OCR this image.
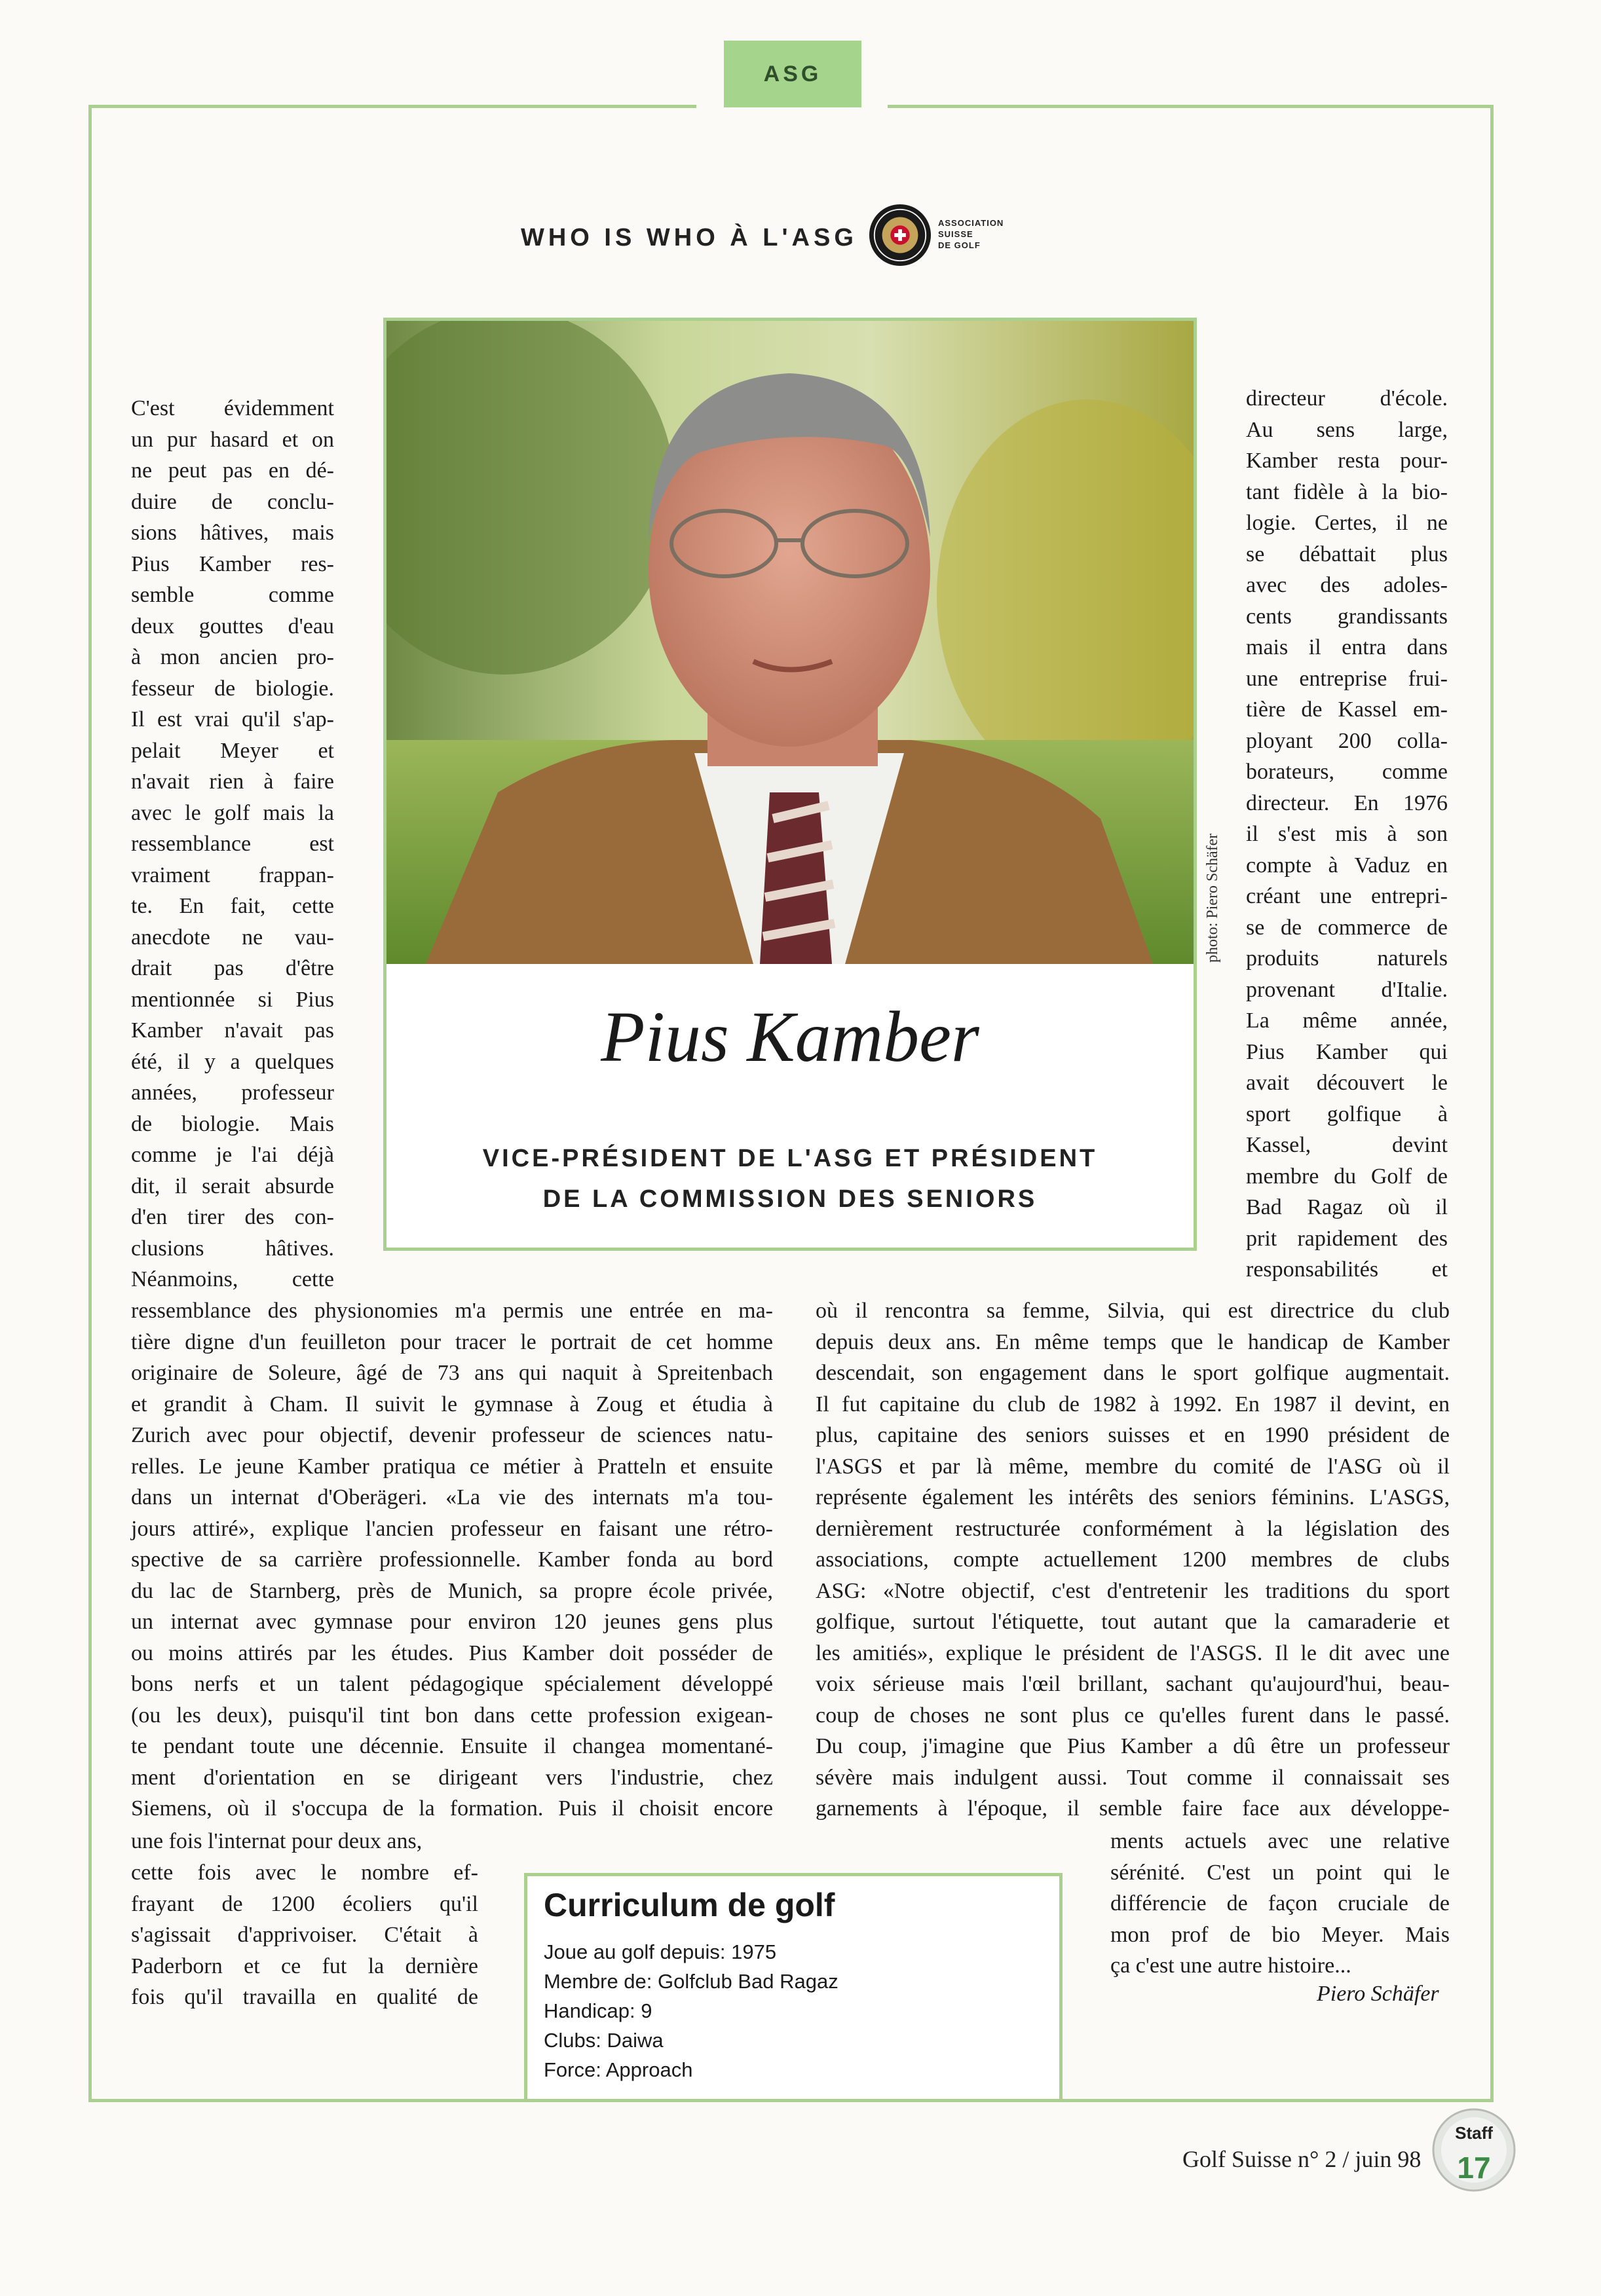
ASG
WHO IS WHO À L'ASG
ASSOCIATION
SUISSE
DE GOLF
photo: Piero Schäfer
Pius Kamber
VICE-PRÉSIDENT DE L'ASG ET PRÉSIDENT
DE LA COMMISSION DES SENIORS
C'est évidemment
un pur hasard et on
ne peut pas en dé-
duire de conclu-
sions hâtives, mais
Pius Kamber res-
semble comme
deux gouttes d'eau
à mon ancien pro-
fesseur de biologie.
Il est vrai qu'il s'ap-
pelait Meyer et
n'avait rien à faire
avec le golf mais la
ressemblance est
vraiment frappan-
te. En fait, cette
anecdote ne vau-
drait pas d'être
mentionnée si Pius
Kamber n'avait pas
été, il y a quelques
années, professeur
de biologie. Mais
comme je l'ai déjà
dit, il serait absurde
d'en tirer des con-
clusions hâtives.
Néanmoins, cette
directeur d'école.
Au sens large,
Kamber resta pour-
tant fidèle à la bio-
logie. Certes, il ne
se débattait plus
avec des adoles-
cents grandissants
mais il entra dans
une entreprise frui-
tière de Kassel em-
ployant 200 colla-
borateurs, comme
directeur. En 1976
il s'est mis à son
compte à Vaduz en
créant une entrepri-
se de commerce de
produits naturels
provenant d'Italie.
La même année,
Pius Kamber qui
avait découvert le
sport golfique à
Kassel, devint
membre du Golf de
Bad Ragaz où il
prit rapidement des
responsabilités et
ressemblance des physionomies m'a permis une entrée en ma-
tière digne d'un feuilleton pour tracer le portrait de cet homme
originaire de Soleure, âgé de 73 ans qui naquit à Spreitenbach
et grandit à Cham. Il suivit le gymnase à Zoug et étudia à
Zurich avec pour objectif, devenir professeur de sciences natu-
relles. Le jeune Kamber pratiqua ce métier à Pratteln et ensuite
dans un internat d'Oberägeri. «La vie des internats m'a tou-
jours attiré», explique l'ancien professeur en faisant une rétro-
spective de sa carrière professionnelle. Kamber fonda au bord
du lac de Starnberg, près de Munich, sa propre école privée,
un internat avec gymnase pour environ 120 jeunes gens plus
ou moins attirés par les études. Pius Kamber doit posséder de
bons nerfs et un talent pédagogique spécialement développé
(ou les deux), puisqu'il tint bon dans cette profession exigean-
te pendant toute une décennie. Ensuite il changea momentané-
ment d'orientation en se dirigeant vers l'industrie, chez
Siemens, où il s'occupa de la formation. Puis il choisit encore
une fois l'internat pour deux ans,
cette fois avec le nombre ef-
frayant de 1200 écoliers qu'il
s'agissait d'apprivoiser. C'était à
Paderborn et ce fut la dernière
fois qu'il travailla en qualité de
où il rencontra sa femme, Silvia, qui est directrice du club
depuis deux ans. En même temps que le handicap de Kamber
descendait, son engagement dans le sport golfique augmentait.
Il fut capitaine du club de 1982 à 1992. En 1987 il devint, en
plus, capitaine des seniors suisses et en 1990 président de
l'ASGS et par là même, membre du comité de l'ASG où il
représente également les intérêts des seniors féminins. L'ASGS,
dernièrement restructurée conformément à la législation des
associations, compte actuellement 1200 membres de clubs
ASG: «Notre objectif, c'est d'entretenir les traditions du sport
golfique, surtout l'étiquette, tout autant que la camaraderie et
les amitiés», explique le président de l'ASGS. Il le dit avec une
voix sérieuse mais l'œil brillant, sachant qu'aujourd'hui, beau-
coup de choses ne sont plus ce qu'elles furent dans le passé.
Du coup, j'imagine que Pius Kamber a dû être un professeur
sévère mais indulgent aussi. Tout comme il connaissait ses
garnements à l'époque, il semble faire face aux développe-
ments actuels avec une relative
sérénité. C'est un point qui le
différencie de façon cruciale de
mon prof de bio Meyer. Mais
ça c'est une autre histoire...
Piero Schäfer
Curriculum de golf
Joue au golf depuis: 1975
Membre de: Golfclub Bad Ragaz
Handicap: 9
Clubs: Daiwa
Force: Approach
Golf Suisse n° 2 / juin 98
Staff
17
